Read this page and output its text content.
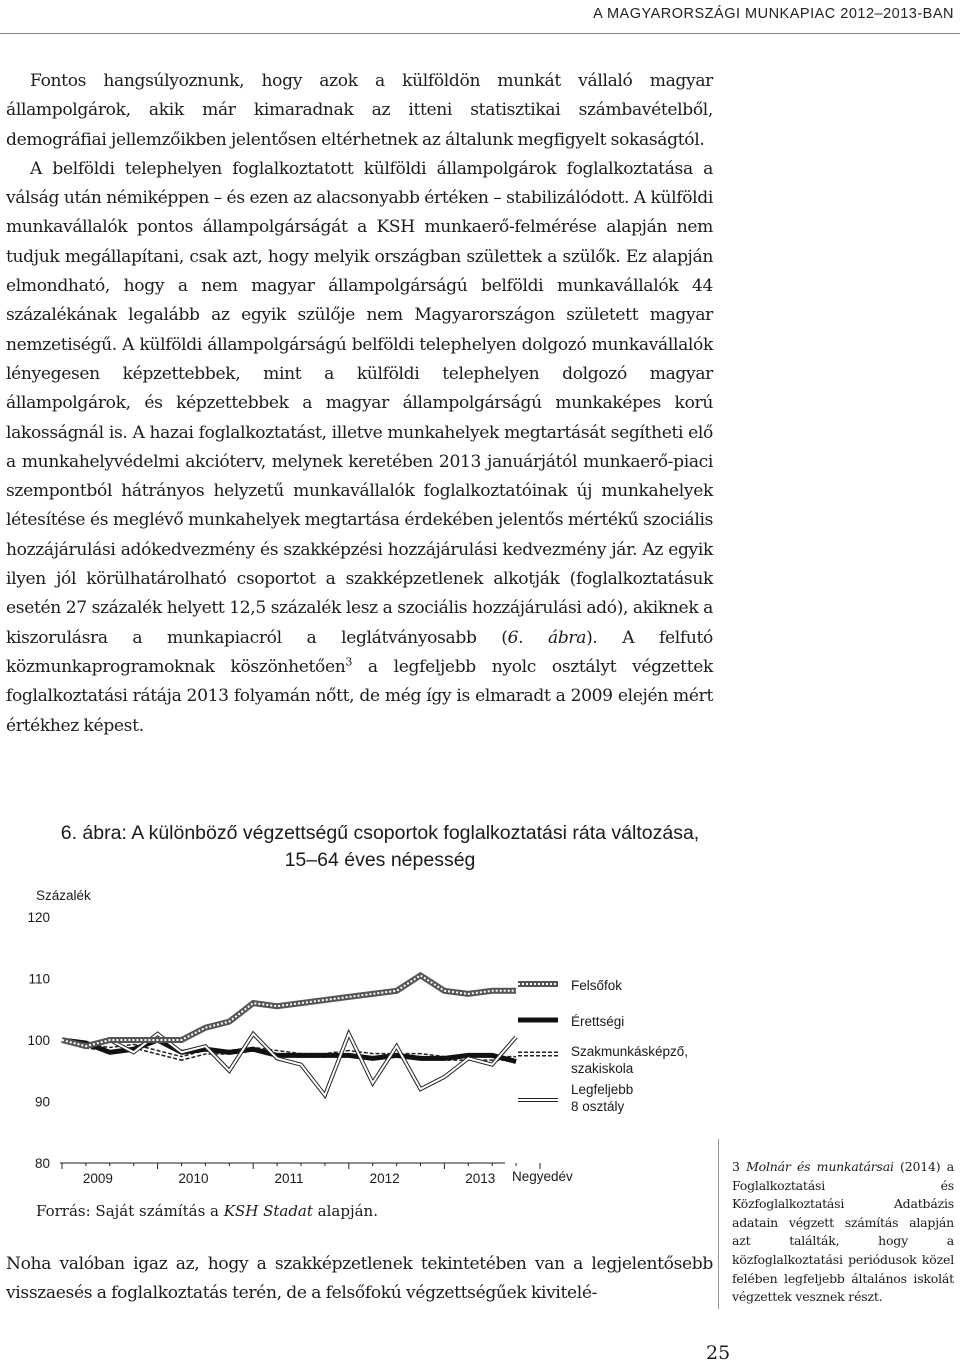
A MAGYARORSZÁGI MUNKAPIAC 2012–2013-BAN

Fontos hangsúlyoznunk, hogy azok a külföldön munkát vállaló magyar állampolgárok, akik már kimaradnak az itteni statisztikai számbavételből, demográfiai jellemzőikben jelentősen eltérhetnek az általunk megfigyelt sokaságtól.

A belföldi telephelyen foglalkoztatott külföldi állampolgárok foglalkoztatása a válság után némiképpen – és ezen az alacsonyabb értéken – stabilizálódott. A külföldi munkavállalók pontos állampolgárságát a KSH munkaerő-felmérése alapján nem tudjuk megállapítani, csak azt, hogy melyik országban születtek a szülők. Ez alapján elmondható, hogy a nem magyar állampolgárságú belföldi munkavállalók 44 százalékának legalább az egyik szülője nem Magyarországon született magyar nemzetiségű. A külföldi állampolgárságú belföldi telephelyen dolgozó munkavállalók lényegesen képzettebbek, mint a külföldi telephelyen dolgozó magyar állampolgárok, és képzettebbek a magyar állampolgárságú munkaképes korú lakosságnál is. A hazai foglalkoztatást, illetve munkahelyek megtartását segítheti elő a munkahelyvédelmi akcióterv, melynek keretében 2013 januárjától munkaerő-piaci szempontból hátrányos helyzetű munkavállalók foglalkoztatóinak új munkahelyek létesítése és meglévő munkahelyek megtartása érdekében jelentős mértékű szociális hozzájárulási adókedvezmény és szakképzési hozzájárulási kedvezmény jár. Az egyik ilyen jól körülhatárolható csoportot a szakképzetlenek alkotják (foglalkoztatásuk esetén 27 százalék helyett 12,5 százalék lesz a szociális hozzájárulási adó), akiknek a kiszorulásra a munkapiacról a leglátványosabb (6. ábra). A felfutó közmunkaprogramoknak köszönhetően$^3$ a legfeljebb nyolc osztályt végzettek foglalkoztatási rátája 2013 folyamán nőtt, de még így is elmaradt a 2009 elején mért értékhez képest.

6. ábra: A különböző végzettségű csoportok foglalkoztatási ráta változása,
15–64 éves népesség
Százalék
80
90
100
110
120
2009	2010	2011	2012	2013 Negyedév
Felsőfok
Érettségi
Szakmunkásképző,
szakiskola
Legfeljebb
8 osztály
Forrás: Saját számítás a KSH Stadat alapján.
Noha valóban igaz az, hogy a szakképzetlenek tekintetében van a legjelentősebb visszaesés a foglalkoztatás terén, de a felsőfokú végzettségűek kivitelé-
3 Molnár és munkatársai (2014) a Foglalkoztatási és Közfoglalkoztatási Adatbázis adatain végzett számítás alapján azt találták, hogy a közfoglalkoztatási periódusok közel felében legfeljebb általános iskolát végzettek vesznek részt.
25
